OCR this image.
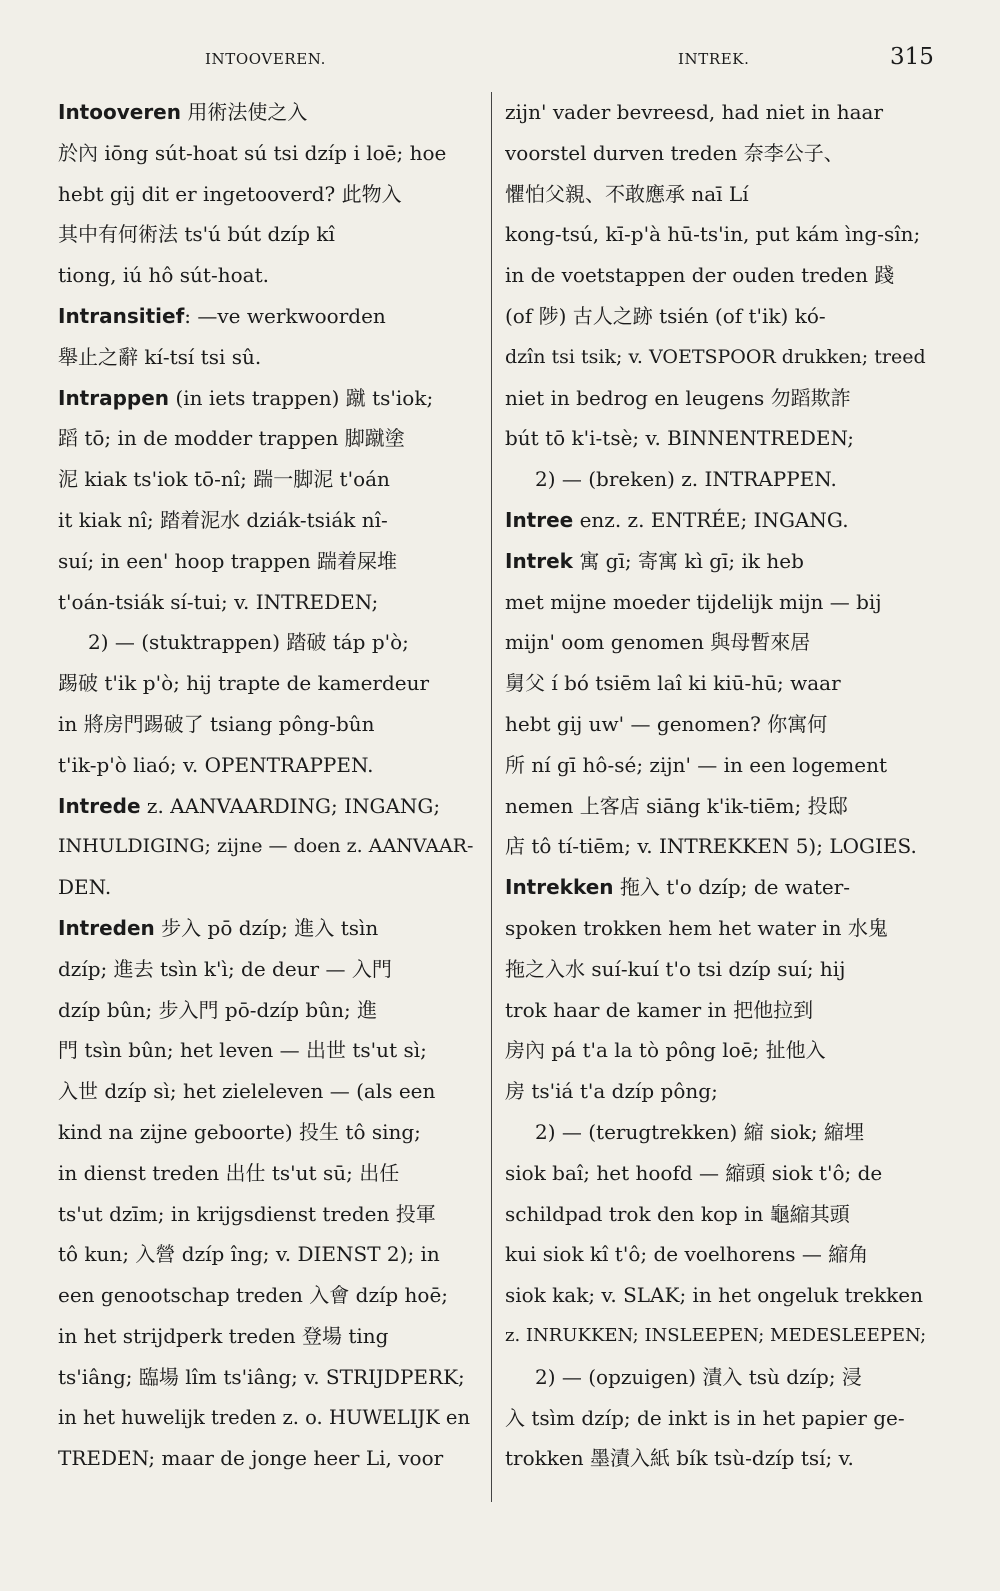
INTOOVEREN.	INTREK.	315
Intooveren 用術法使之入
於內 iōng sút-hoat sú tsi dzíp i loē; hoe
hebt gij dit er ingetooverd? 此物入
其中有何術法 ts'ú bút dzíp kî
tiong, iú hô sút-hoat.
Intransitief: —ve werkwoorden
舉止之辭 kí-tsí tsi sû.
Intrappen (in iets trappen) 蹴 ts'iok;
蹈 tō; in de modder trappen 脚蹴塗
泥 kiak ts'iok tō-nî; 踹一脚泥 t'oán
it kiak nî; 踏着泥水 dziák-tsiák nî-
suí; in een' hoop trappen 踹着屎堆
t'oán-tsiák sí-tui; v. INTREDEN;
2) — (stuktrappen) 踏破 táp p'ò;
踢破 t'ik p'ò; hij trapte de kamerdeur
in 將房門踢破了 tsiang pông-bûn
t'ik-p'ò liaó; v. OPENTRAPPEN.
Intrede z. AANVAARDING; INGANG;
INHULDIGING; zijne — doen z. AANVAAR-
DEN.
Intreden 步入 pō dzíp; 進入 tsìn
dzíp; 進去 tsìn k'ì; de deur — 入門
dzíp bûn; 步入門 pō-dzíp bûn; 進
門 tsìn bûn; het leven — 出世 ts'ut sì;
入世 dzíp sì; het zieleleven — (als een
kind na zijne geboorte) 投生 tô sing;
in dienst treden 出仕 ts'ut sū; 出任
ts'ut dzīm; in krijgsdienst treden 投軍
tô kun; 入營 dzíp îng; v. DIENST 2); in
een genootschap treden 入會 dzíp hoē;
in het strijdperk treden 登場 ting
ts'iâng; 臨場 lîm ts'iâng; v. STRIJDPERK;
in het huwelijk treden z. o. HUWELIJK en
TREDEN; maar de jonge heer Li, voor
zijn' vader bevreesd, had niet in haar
voorstel durven treden 奈李公子、
懼怕父親、不敢應承 naī Lí
kong-tsú, kī-p'à hū-ts'in, put kám ìng-sîn;
in de voetstappen der ouden treden 踐
(of 陟) 古人之跡 tsién (of t'ik) kó-
dzîn tsi tsik; v. VOETSPOOR drukken; treed
niet in bedrog en leugens 勿蹈欺詐
bút tō k'i-tsè; v. BINNENTREDEN;
2) — (breken) z. INTRAPPEN.
Intree enz. z. ENTRÉE; INGANG.
Intrek 寓 gī; 寄寓 kì gī; ik heb
met mijne moeder tijdelijk mijn — bij
mijn' oom genomen 與母暫來居
舅父 í bó tsiēm laî ki kiū-hū; waar
hebt gij uw' — genomen? 你寓何
所 ní gī hô-sé; zijn' — in een logement
nemen 上客店 siāng k'ik-tiēm; 投邸
店 tô tí-tiēm; v. INTREKKEN 5); LOGIES.
Intrekken 拖入 t'o dzíp; de water-
spoken trokken hem het water in 水鬼
拖之入水 suí-kuí t'o tsi dzíp suí; hij
trok haar de kamer in 把他拉到
房內 pá t'a la tò pông loē; 扯他入
房 ts'iá t'a dzíp pông;
2) — (terugtrekken) 縮 siok; 縮埋
siok baî; het hoofd — 縮頭 siok t'ô; de
schildpad trok den kop in 龜縮其頭
kui siok kî t'ô; de voelhorens — 縮角
siok kak; v. SLAK; in het ongeluk trekken
z. INRUKKEN; INSLEEPEN; MEDESLEEPEN;
2) — (opzuigen) 漬入 tsù dzíp; 浸
入 tsìm dzíp; de inkt is in het papier ge-
trokken 墨漬入紙 bík tsù-dzíp tsí; v.
